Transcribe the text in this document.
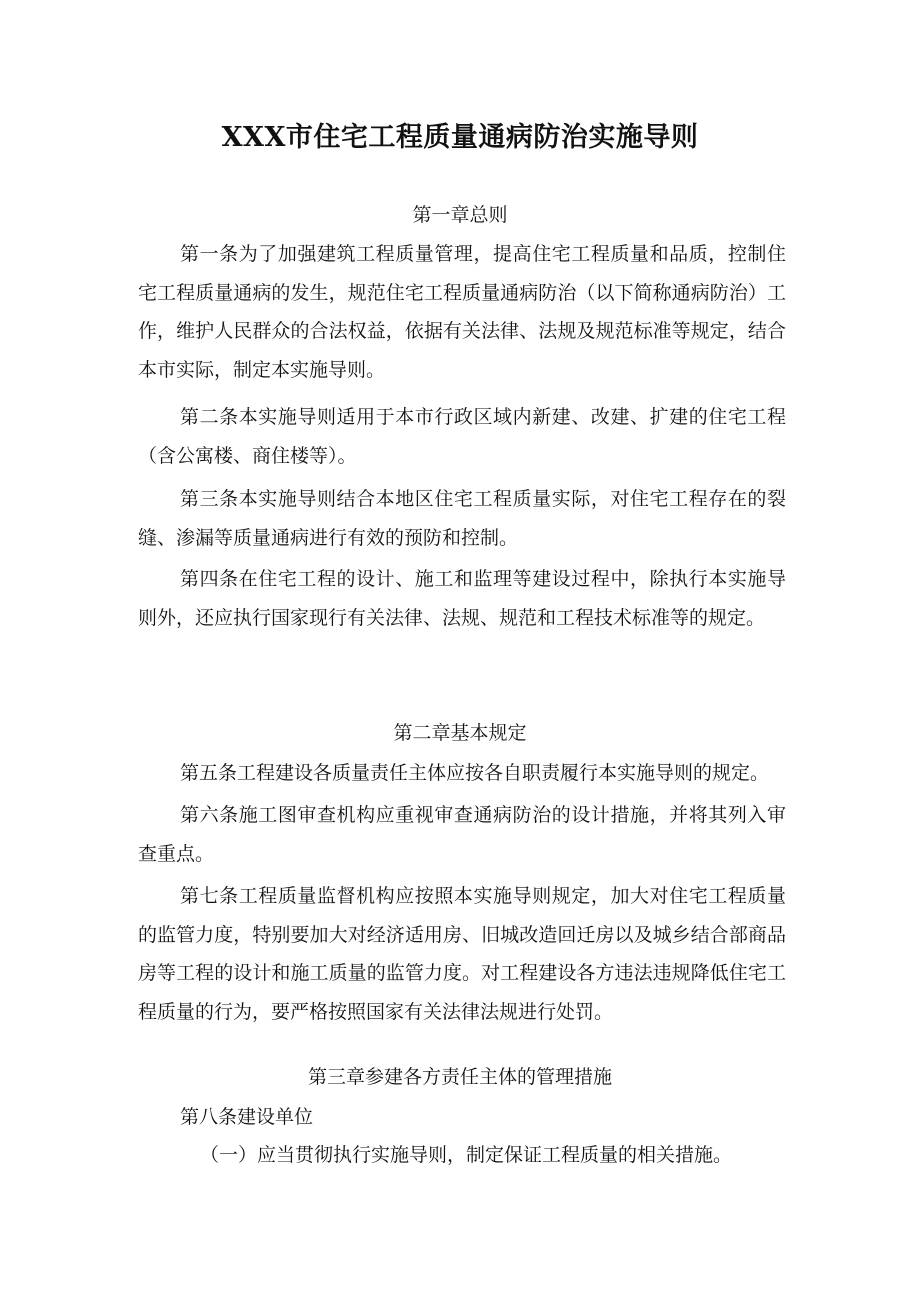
XXX市住宅工程质量通病防治实施导则
第一章总则

第一条为了加强建筑工程质量管理，提高住宅工程质量和品质，控制住宅工程质量通病的发生，规范住宅工程质量通病防治（以下简称通病防治）工作，维护人民群众的合法权益，依据有关法律、法规及规范标准等规定，结合本市实际，制定本实施导则。

第二条本实施导则适用于本市行政区域内新建、改建、扩建的住宅工程（含公寓楼、商住楼等）。

第三条本实施导则结合本地区住宅工程质量实际，对住宅工程存在的裂缝、渗漏等质量通病进行有效的预防和控制。

第四条在住宅工程的设计、施工和监理等建设过程中，除执行本实施导则外，还应执行国家现行有关法律、法规、规范和工程技术标准等的规定。

第二章基本规定

第五条工程建设各质量责任主体应按各自职责履行本实施导则的规定。

第六条施工图审查机构应重视审查通病防治的设计措施，并将其列入审查重点。

第七条工程质量监督机构应按照本实施导则规定，加大对住宅工程质量的监管力度，特别要加大对经济适用房、旧城改造回迁房以及城乡结合部商品房等工程的设计和施工质量的监管力度。对工程建设各方违法违规降低住宅工程质量的行为，要严格按照国家有关法律法规进行处罚。

第三章参建各方责任主体的管理措施

第八条建设单位

（一）应当贯彻执行实施导则，制定保证工程质量的相关措施。
